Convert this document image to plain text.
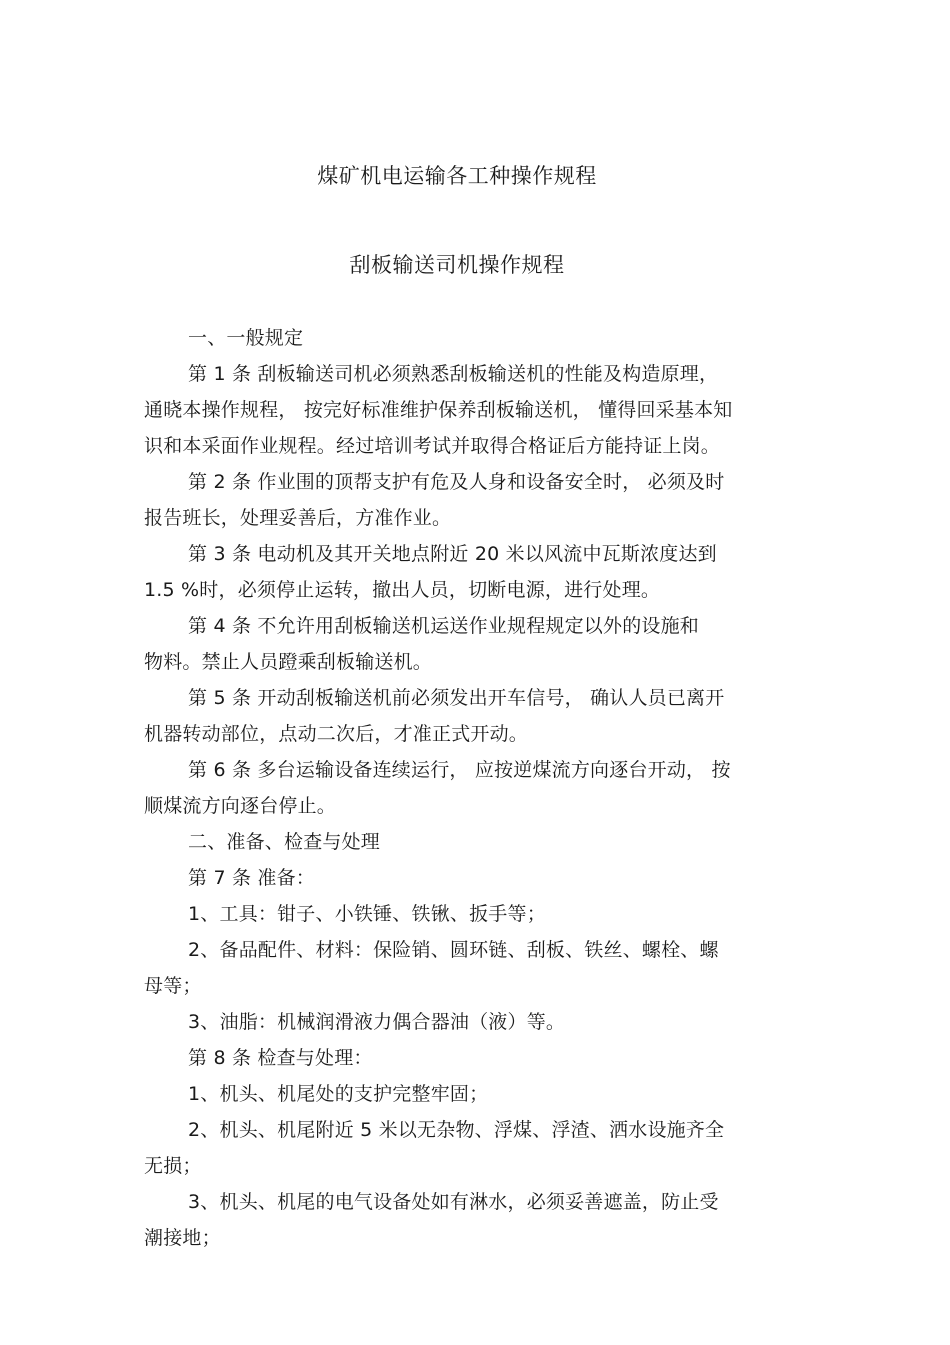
煤矿机电运输各工种操作规程
刮板输送司机操作规程
一、一般规定
第 1 条 刮板输送司机必须熟悉刮板输送机的性能及构造原理，
通晓本操作规程， 按完好标准维护保养刮板输送机， 懂得回采基本知
识和本采面作业规程。经过培训考试并取得合格证后方能持证上岗。
第 2 条 作业围的顶帮支护有危及人身和设备安全时， 必须及时
报告班长，处理妥善后，方准作业。
第 3 条 电动机及其开关地点附近 20 米以风流中瓦斯浓度达到
1.5 %时，必须停止运转，撤出人员，切断电源，进行处理。
第 4 条 不允许用刮板输送机运送作业规程规定以外的设施和
物料。禁止人员蹬乘刮板输送机。
第 5 条 开动刮板输送机前必须发出开车信号， 确认人员已离开
机器转动部位，点动二次后，才准正式开动。
第 6 条 多台运输设备连续运行， 应按逆煤流方向逐台开动， 按
顺煤流方向逐台停止。
二、准备、检查与处理
第 7 条 准备：
1、工具：钳子、小铁锤、铁锹、扳手等；
2、备品配件、材料：保险销、圆环链、刮板、铁丝、螺栓、螺
母等；
3、油脂：机械润滑液力偶合器油（液）等。
第 8 条 检查与处理：
1、机头、机尾处的支护完整牢固；
2、机头、机尾附近 5 米以无杂物、浮煤、浮渣、洒水设施齐全
无损；
3、机头、机尾的电气设备处如有淋水，必须妥善遮盖，防止受
潮接地；
